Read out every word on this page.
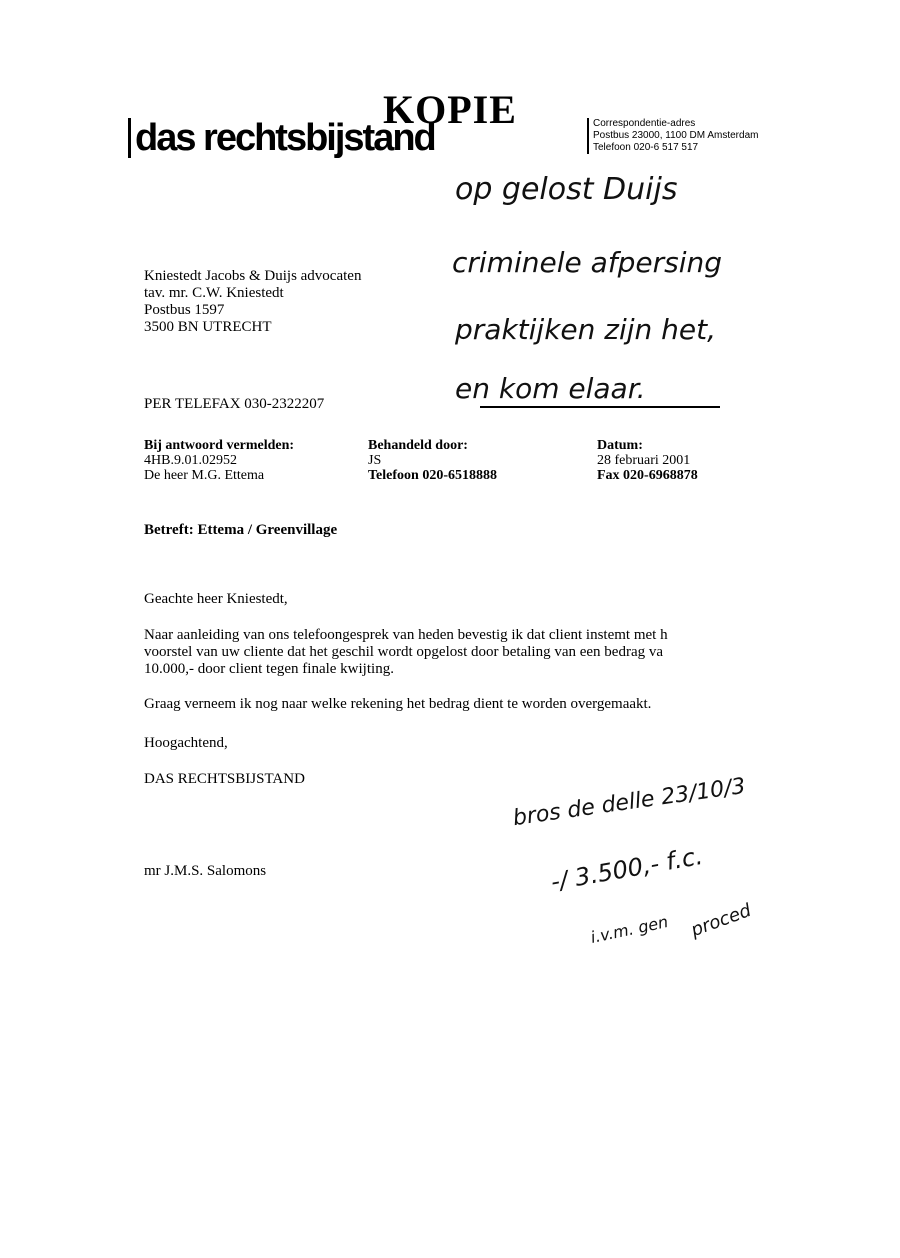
KOPIE
das rechtsbijstand	Correspondentie-adres
Postbus 23000, 1100 DM Amsterdam
Telefoon 020-6 517 517
op gelost Duijs
criminele afpersing
praktijken zijn het,
en kom elaar.
Kniestedt Jacobs & Duijs advocaten
tav. mr. C.W. Kniestedt
Postbus 1597
3500 BN UTRECHT
PER TELEFAX 030-2322207
Bij antwoord vermelden:
4HB.9.01.02952
De heer M.G. Ettema
Behandeld door:
JS
Telefoon 020-6518888
Datum:
28 februari 2001
Fax 020-6968878
Betreft: Ettema / Greenvillage
Geachte heer Kniestedt,
Naar aanleiding van ons telefoongesprek van heden bevestig ik dat client instemt met h
voorstel van uw cliente dat het geschil wordt opgelost door betaling van een bedrag va
10.000,- door client tegen finale kwijting.
Graag verneem ik nog naar welke rekening het bedrag dient te worden overgemaakt.
Hoogachtend,
DAS RECHTSBIJSTAND
mr J.M.S. Salomons
bros de delle 23/10/3
-/ 3.500,- f.c.
i.v.m. gen proced
